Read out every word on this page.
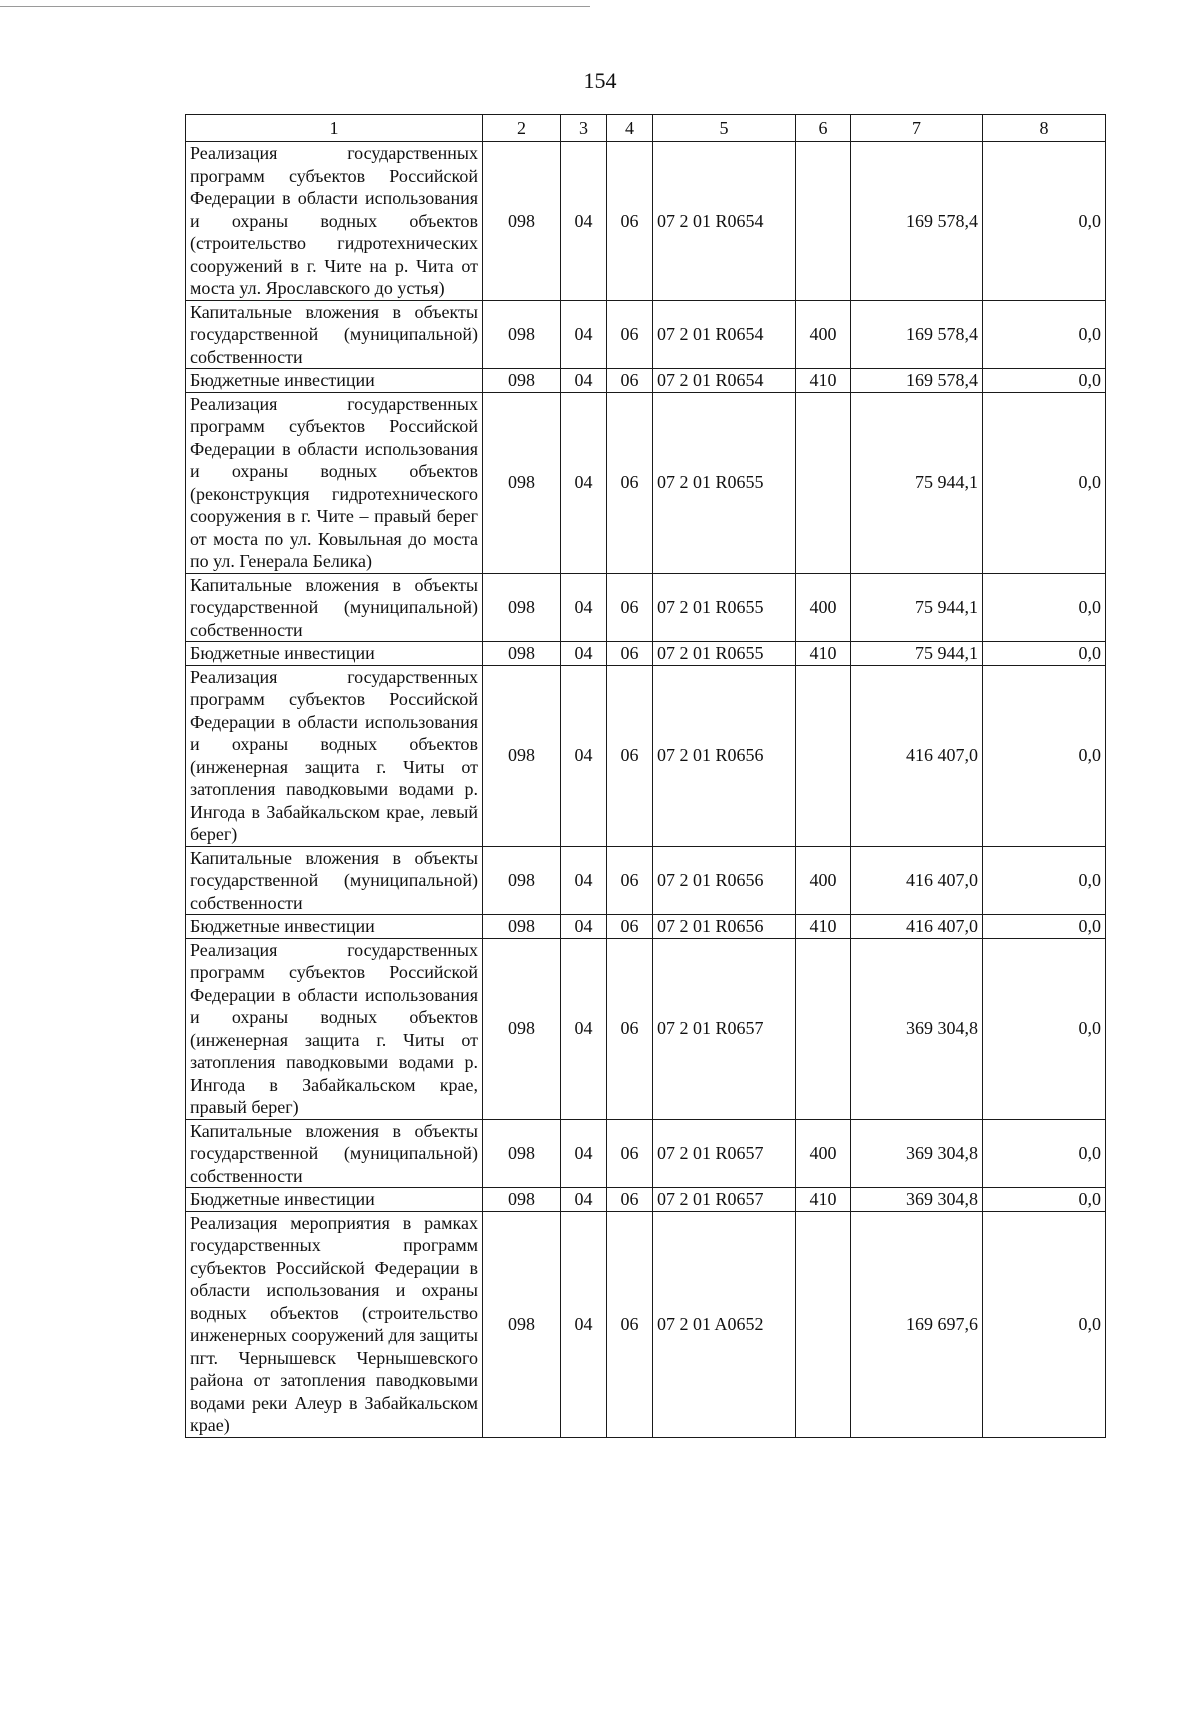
154
1	2	3	4	5	6	7	8
Реализация государственных программ субъектов Российской Федерации в области использования и охраны водных объектов (строительство гидротехнических сооружений в г. Чите на р. Чита от моста ул. Ярославского до устья)	098	04	06	07 2 01 R0654		169 578,4	0,0
Капитальные вложения в объекты государственной (муниципальной) собственности	098	04	06	07 2 01 R0654	400	169 578,4	0,0
Бюджетные инвестиции	098	04	06	07 2 01 R0654	410	169 578,4	0,0
Реализация государственных программ субъектов Российской Федерации в области использования и охраны водных объектов (реконструкция гидротехнического сооружения в г. Чите – правый берег от моста по ул. Ковыльная до моста по ул. Генерала Белика)	098	04	06	07 2 01 R0655		75 944,1	0,0
Капитальные вложения в объекты государственной (муниципальной) собственности	098	04	06	07 2 01 R0655	400	75 944,1	0,0
Бюджетные инвестиции	098	04	06	07 2 01 R0655	410	75 944,1	0,0
Реализация государственных программ субъектов Российской Федерации в области использования и охраны водных объектов (инженерная защита г. Читы от затопления паводковыми водами р. Ингода в Забайкальском крае, левый берег)	098	04	06	07 2 01 R0656		416 407,0	0,0
Капитальные вложения в объекты государственной (муниципальной) собственности	098	04	06	07 2 01 R0656	400	416 407,0	0,0
Бюджетные инвестиции	098	04	06	07 2 01 R0656	410	416 407,0	0,0
Реализация государственных программ субъектов Российской Федерации в области использования и охраны водных объектов (инженерная защита г. Читы от затопления паводковыми водами р. Ингода в Забайкальском крае, правый берег)	098	04	06	07 2 01 R0657		369 304,8	0,0
Капитальные вложения в объекты государственной (муниципальной) собственности	098	04	06	07 2 01 R0657	400	369 304,8	0,0
Бюджетные инвестиции	098	04	06	07 2 01 R0657	410	369 304,8	0,0
Реализация мероприятия в рамках государственных программ субъектов Российской Федерации в области использования и охраны водных объектов (строительство инженерных сооружений для защиты пгт. Чернышевск Чернышевского района от затопления паводковыми водами реки Алеур в Забайкальском крае)	098	04	06	07 2 01 A0652		169 697,6	0,0
